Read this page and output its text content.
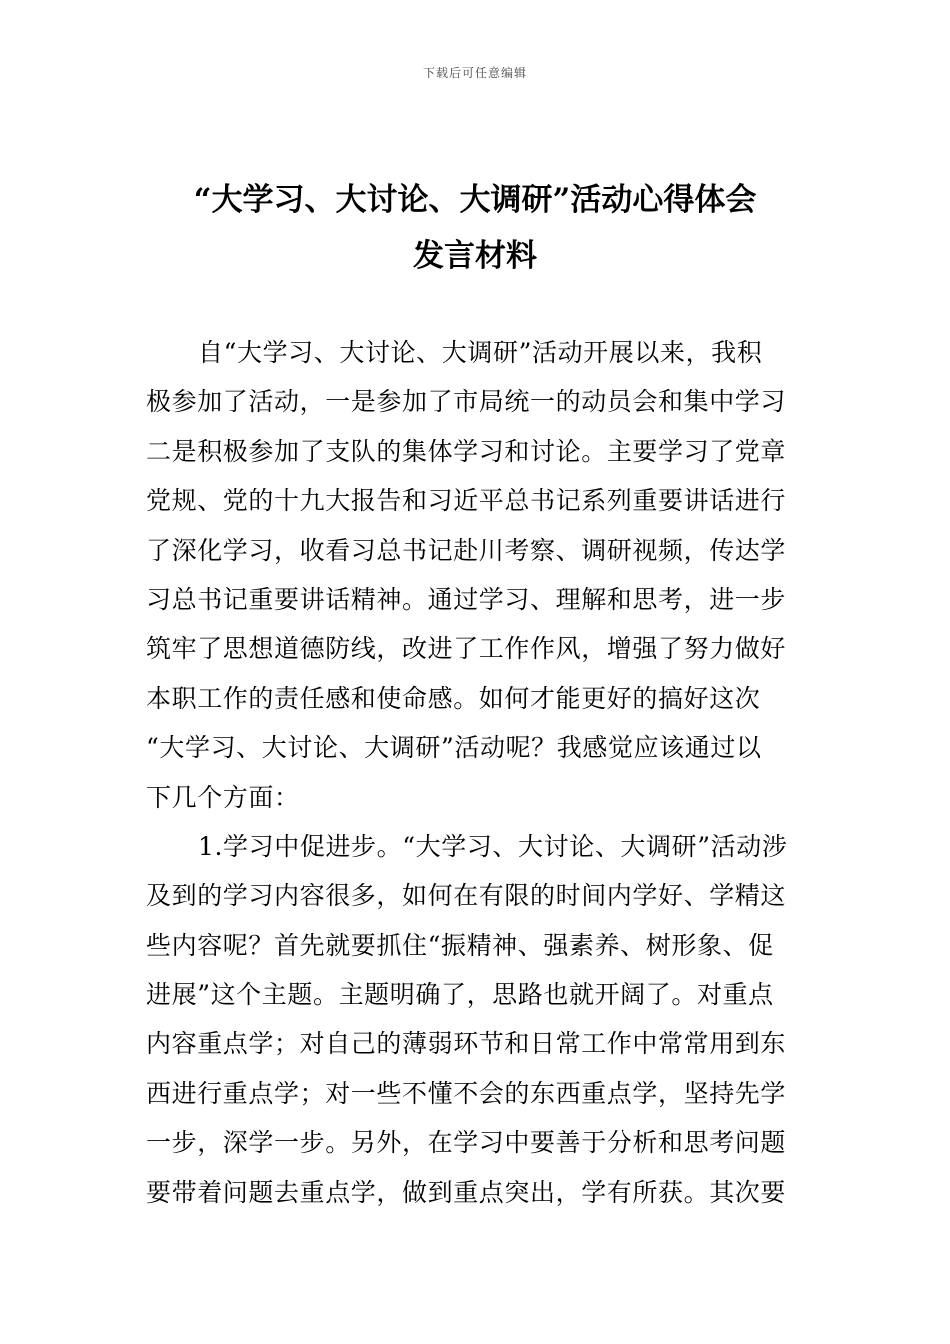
下载后可任意编辑
“大学习、大讨论、大调研”活动心得体会
发言材料
自“大学习、大讨论、大调研”活动开展以来，我积
极参加了活动，一是参加了市局统一的动员会和集中学习
二是积极参加了支队的集体学习和讨论。主要学习了党章
党规、党的十九大报告和习近平总书记系列重要讲话进行
了深化学习，收看习总书记赴川考察、调研视频，传达学
习总书记重要讲话精神。通过学习、理解和思考，进一步
筑牢了思想道德防线，改进了工作作风，增强了努力做好
本职工作的责任感和使命感。如何才能更好的搞好这次
“大学习、大讨论、大调研”活动呢？我感觉应该通过以
下几个方面：
1.学习中促进步。“大学习、大讨论、大调研”活动涉
及到的学习内容很多，如何在有限的时间内学好、学精这
些内容呢？首先就要抓住“振精神、强素养、树形象、促
进展”这个主题。主题明确了，思路也就开阔了。对重点
内容重点学；对自己的薄弱环节和日常工作中常常用到东
西进行重点学；对一些不懂不会的东西重点学，坚持先学
一步，深学一步。另外，在学习中要善于分析和思考问题
要带着问题去重点学，做到重点突出，学有所获。其次要
